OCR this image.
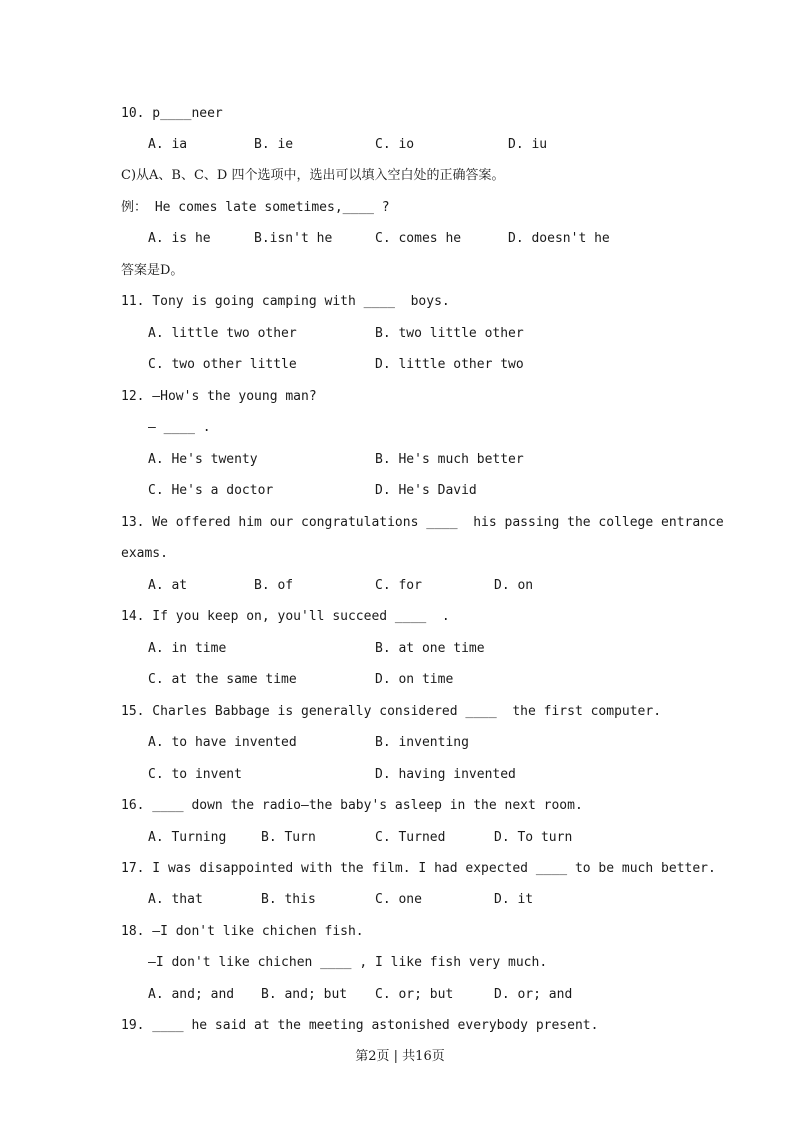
10. p____neer
A. ia	B. ie	C. io	D. iu
C)从A、B、C、D 四个选项中，选出可以填入空白处的正确答案。
例： He comes late sometimes,____ ?
A. is he	B.isn't he	C. comes he	D. doesn't he
答案是D。
11. Tony is going camping with ____  boys.
A. little two other	B. two little other
C. two other little	D. little other two
12. —How's the young man?
— ____ .
A. He's twenty	B. He's much better
C. He's a doctor	D. He's David
13. We offered him our congratulations ____  his passing the college entrance
exams.
A. at	B. of	C. for	D. on
14. If you keep on, you'll succeed ____  .
A. in time	B. at one time
C. at the same time	D. on time
15. Charles Babbage is generally considered ____  the first computer.
A. to have invented	B. inventing
C. to invent	D. having invented
16. ____ down the radio—the baby's asleep in the next room.
A. Turning	B. Turn	C. Turned	D. To turn
17. I was disappointed with the film. I had expected ____ to be much better.
A. that	B. this	C. one	D. it
18. —I don't like chichen fish.
—I don't like chichen ____ , I like fish very much.
A. and; and B. and; but C. or; but	D. or; and
19. ____ he said at the meeting astonished everybody present.
第2页 | 共16页
